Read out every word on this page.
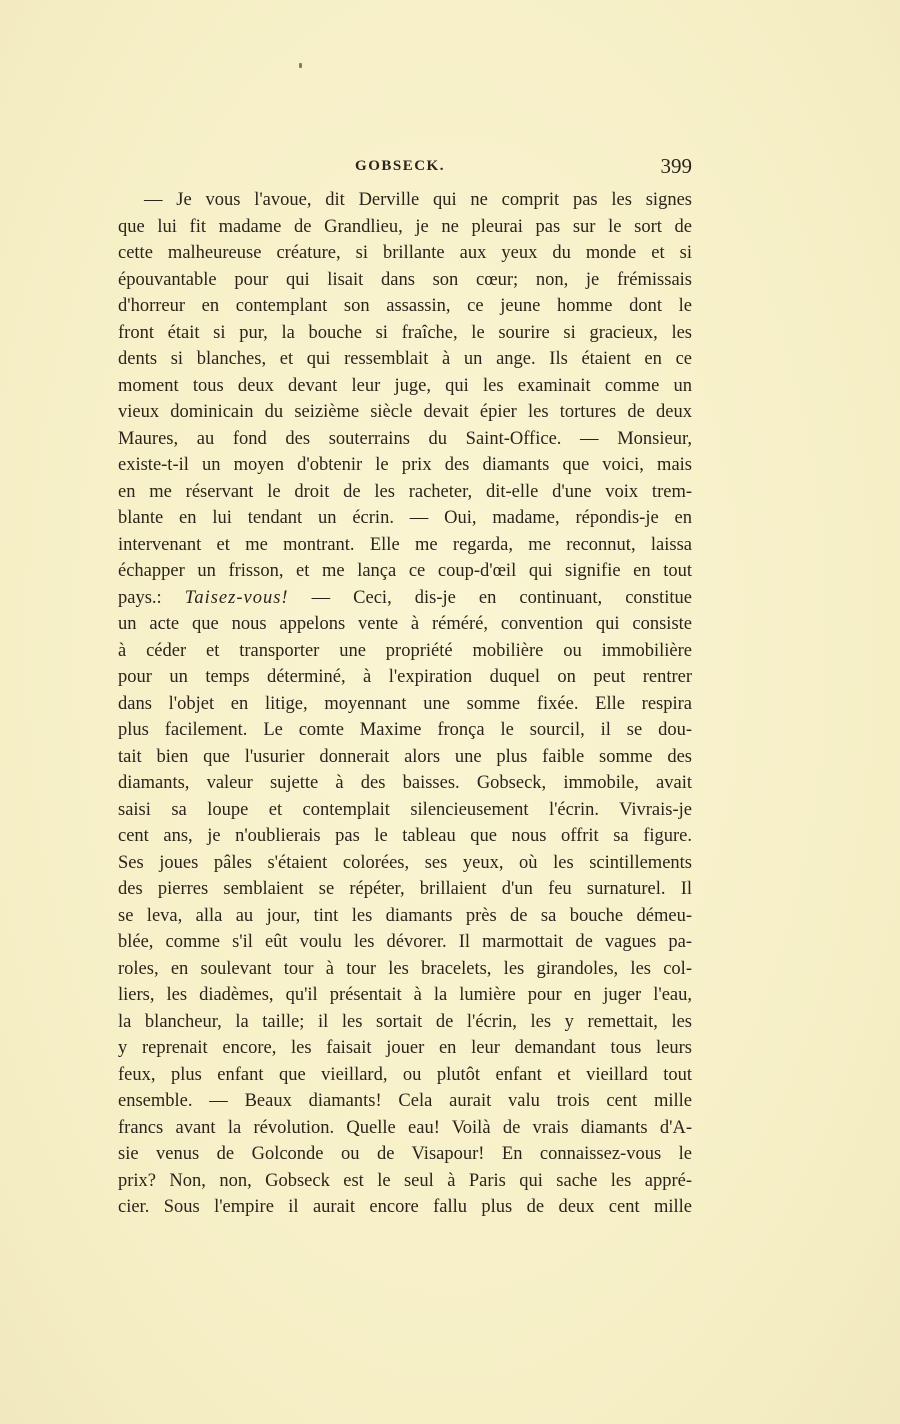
GOBSECK.	399
— Je vous l'avoue, dit Derville qui ne comprit pas les signes
que lui fit madame de Grandlieu, je ne pleurai pas sur le sort de
cette malheureuse créature, si brillante aux yeux du monde et si
épouvantable pour qui lisait dans son cœur; non, je frémissais
d'horreur en contemplant son assassin, ce jeune homme dont le
front était si pur, la bouche si fraîche, le sourire si gracieux, les
dents si blanches, et qui ressemblait à un ange. Ils étaient en ce
moment tous deux devant leur juge, qui les examinait comme un
vieux dominicain du seizième siècle devait épier les tortures de deux
Maures, au fond des souterrains du Saint-Office. — Monsieur,
existe-t-il un moyen d'obtenir le prix des diamants que voici, mais
en me réservant le droit de les racheter, dit-elle d'une voix trem-
blante en lui tendant un écrin. — Oui, madame, répondis-je en
intervenant et me montrant. Elle me regarda, me reconnut, laissa
échapper un frisson, et me lança ce coup-d'œil qui signifie en tout
pays.: Taisez-vous! — Ceci, dis-je en continuant, constitue
un acte que nous appelons vente à réméré, convention qui consiste
à céder et transporter une propriété mobilière ou immobilière
pour un temps déterminé, à l'expiration duquel on peut rentrer
dans l'objet en litige, moyennant une somme fixée. Elle respira
plus facilement. Le comte Maxime fronça le sourcil, il se dou-
tait bien que l'usurier donnerait alors une plus faible somme des
diamants, valeur sujette à des baisses. Gobseck, immobile, avait
saisi sa loupe et contemplait silencieusement l'écrin. Vivrais-je
cent ans, je n'oublierais pas le tableau que nous offrit sa figure.
Ses joues pâles s'étaient colorées, ses yeux, où les scintillements
des pierres semblaient se répéter, brillaient d'un feu surnaturel. Il
se leva, alla au jour, tint les diamants près de sa bouche démeu-
blée, comme s'il eût voulu les dévorer. Il marmottait de vagues pa-
roles, en soulevant tour à tour les bracelets, les girandoles, les col-
liers, les diadèmes, qu'il présentait à la lumière pour en juger l'eau,
la blancheur, la taille; il les sortait de l'écrin, les y remettait, les
y reprenait encore, les faisait jouer en leur demandant tous leurs
feux, plus enfant que vieillard, ou plutôt enfant et vieillard tout
ensemble. — Beaux diamants! Cela aurait valu trois cent mille
francs avant la révolution. Quelle eau! Voilà de vrais diamants d'A-
sie venus de Golconde ou de Visapour! En connaissez-vous le
prix? Non, non, Gobseck est le seul à Paris qui sache les appré-
cier. Sous l'empire il aurait encore fallu plus de deux cent mille
